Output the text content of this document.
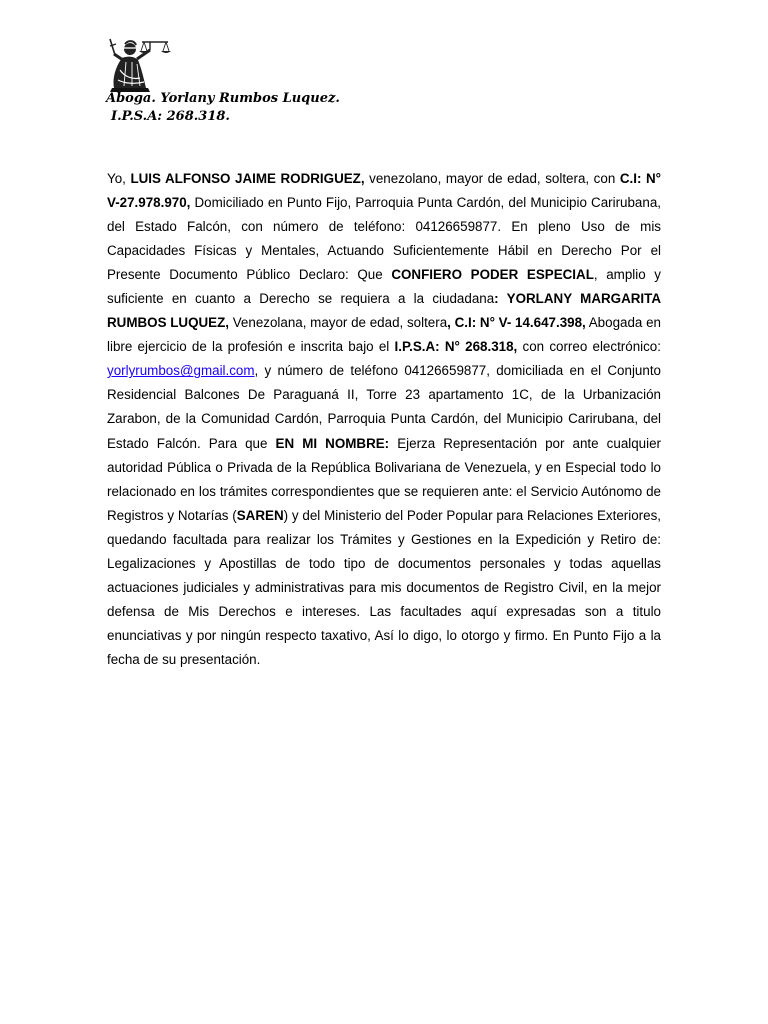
Aboga. Yorlany Rumbos Luquez.
I.P.S.A: 268.318.

Yo, LUIS ALFONSO JAIME RODRIGUEZ, venezolano, mayor de edad, soltera, con C.I: N° V-27.978.970, Domiciliado en Punto Fijo, Parroquia Punta Cardón, del Municipio Carirubana, del Estado Falcón, con número de teléfono: 04126659877. En pleno Uso de mis Capacidades Físicas y Mentales, Actuando Suficientemente Hábil en Derecho Por el Presente Documento Público Declaro: Que CONFIERO PODER ESPECIAL, amplio y suficiente en cuanto a Derecho se requiera a la ciudadana: YORLANY MARGARITA RUMBOS LUQUEZ, Venezolana, mayor de edad, soltera, C.I: N° V- 14.647.398, Abogada en libre ejercicio de la profesión e inscrita bajo el I.P.S.A: N° 268.318, con correo electrónico: yorlyrumbos@gmail.com, y número de teléfono 04126659877, domiciliada en el Conjunto Residencial Balcones De Paraguaná II, Torre 23 apartamento 1C, de la Urbanización Zarabon, de la Comunidad Cardón, Parroquia Punta Cardón, del Municipio Carirubana, del Estado Falcón. Para que EN MI NOMBRE: Ejerza Representación por ante cualquier autoridad Pública o Privada de la República Bolivariana de Venezuela, y en Especial todo lo relacionado en los trámites correspondientes que se requieren ante: el Servicio Autónomo de Registros y Notarías (SAREN) y del Ministerio del Poder Popular para Relaciones Exteriores, quedando facultada para realizar los Trámites y Gestiones en la Expedición y Retiro de: Legalizaciones y Apostillas de todo tipo de documentos personales y todas aquellas actuaciones judiciales y administrativas para mis documentos de Registro Civil, en la mejor defensa de Mis Derechos e intereses. Las facultades aquí expresadas son a titulo enunciativas y por ningún respecto taxativo, Así lo digo, lo otorgo y firmo. En Punto Fijo a la fecha de su presentación.
